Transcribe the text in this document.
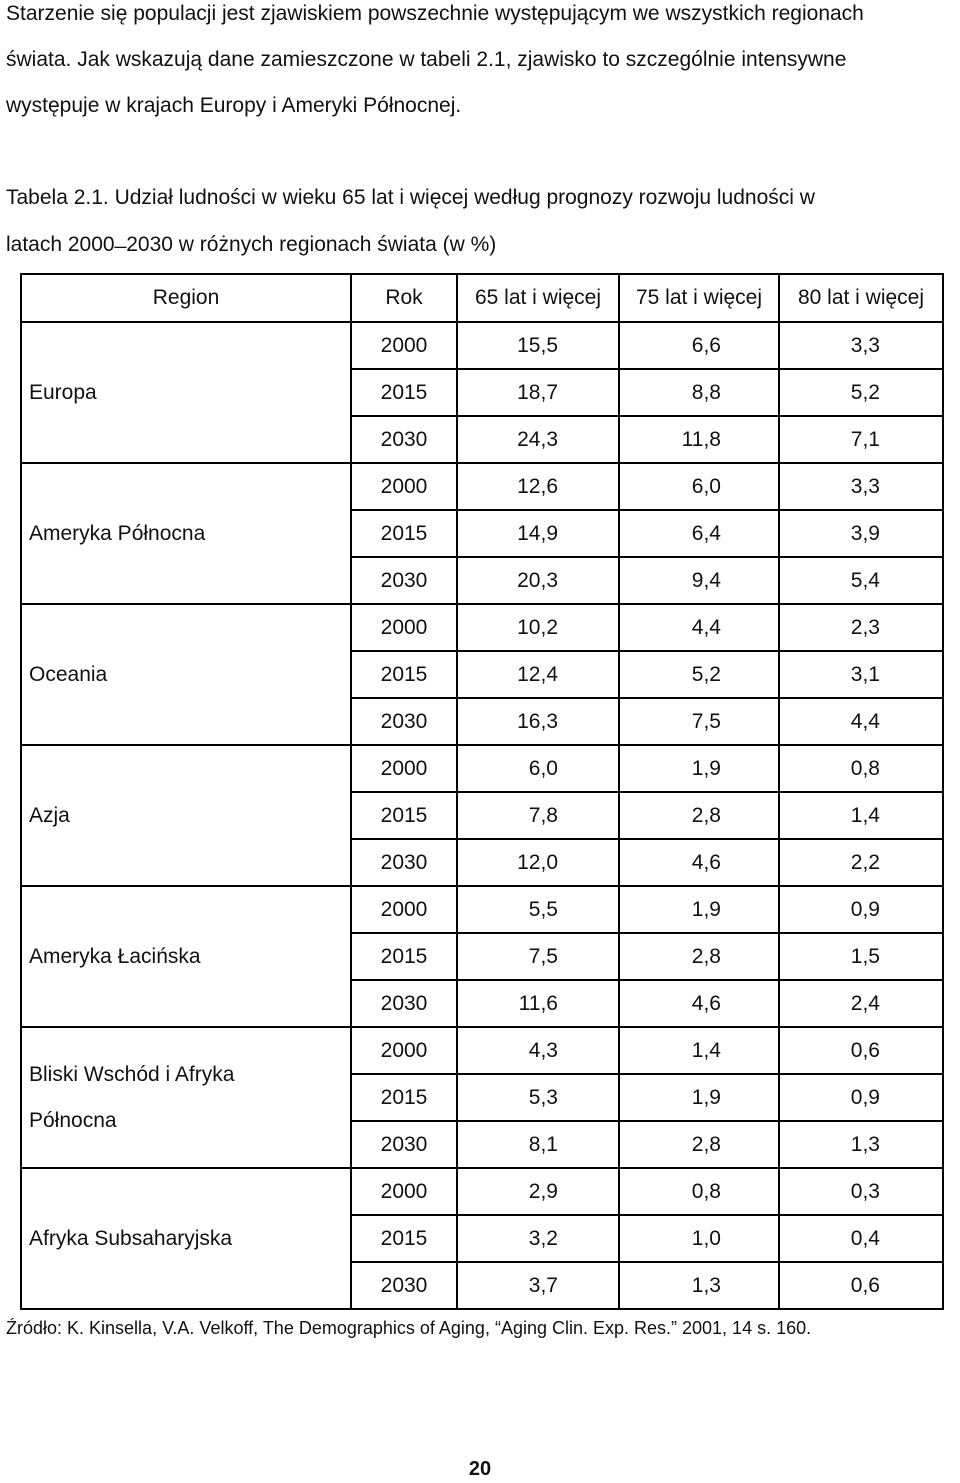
Starzenie się populacji jest zjawiskiem powszechnie występującym we wszystkich regionach
świata. Jak wskazują dane zamieszczone w tabeli 2.1, zjawisko to szczególnie intensywne
występuje w krajach Europy i Ameryki Północnej.
Tabela 2.1. Udział ludności w wieku 65 lat i więcej według prognozy rozwoju ludności w
latach 2000 ̶ 2030 w różnych regionach świata (w %)
Region	Rok	65 lat i więcej	75 lat i więcej	80 lat i więcej
Europa	2000	15,5	6,6	3,3
	2015	18,7	8,8	5,2
	2030	24,3	11,8	7,1
Ameryka Północna	2000	12,6	6,0	3,3
	2015	14,9	6,4	3,9
	2030	20,3	9,4	5,4
Oceania	2000	10,2	4,4	2,3
	2015	12,4	5,2	3,1
	2030	16,3	7,5	4,4
Azja	2000	6,0	1,9	0,8
	2015	7,8	2,8	1,4
	2030	12,0	4,6	2,2
Ameryka Łacińska	2000	5,5	1,9	0,9
	2015	7,5	2,8	1,5
	2030	11,6	4,6	2,4

Bliski Wschód i Afryka
Północna	2000	4,3	1,4	0,6
	2015	5,3	1,9	0,9
	2030	8,1	2,8	1,3
Afryka Subsaharyjska	2000	2,9	0,8	0,3
	2015	3,2	1,0	0,4
	2030	3,7	1,3	0,6
Źródło: K. Kinsella, V.A. Velkoff, The Demographics of Aging, “Aging Clin. Exp. Res.” 2001, 14 s. 160.
20
